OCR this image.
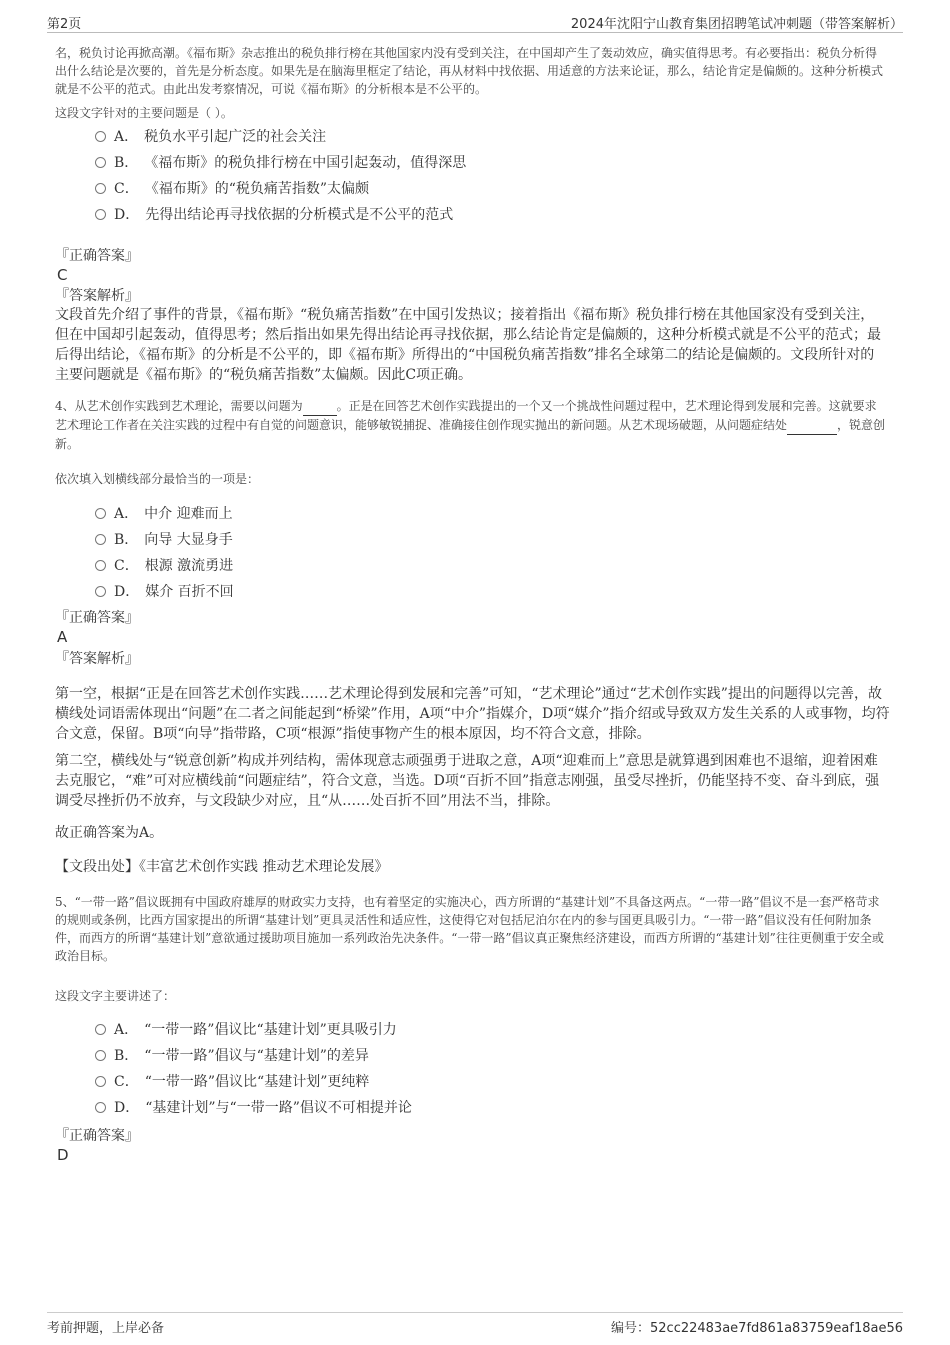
第2页	2024年沈阳宁山教育集团招聘笔试冲刺题（带答案解析）
名，税负讨论再掀高潮。《福布斯》杂志推出的税负排行榜在其他国家内没有受到关注，在中国却产生了轰动效应，确实值得思考。有必要指出：税负分析得出什么结论是次要的，首先是分析态度。如果先是在脑海里框定了结论，再从材料中找依据、用适意的方法来论证，那么，结论肯定是偏颇的。这种分析模式就是不公平的范式。由此出发考察情况，可说《福布斯》的分析根本是不公平的。
这段文字针对的主要问题是（ ）。
A． 税负水平引起广泛的社会关注
B． 《福布斯》的税负排行榜在中国引起轰动，值得深思
C． 《福布斯》的“税负痛苦指数”太偏颇
D． 先得出结论再寻找依据的分析模式是不公平的范式
『正确答案』
C
『答案解析』
文段首先介绍了事件的背景，《福布斯》“税负痛苦指数”在中国引发热议；接着指出《福布斯》税负排行榜在其他国家没有受到关注，但在中国却引起轰动，值得思考；然后指出如果先得出结论再寻找依据，那么结论肯定是偏颇的，这种分析模式就是不公平的范式；最后得出结论，《福布斯》的分析是不公平的，即《福布斯》所得出的“中国税负痛苦指数”排名全球第二的结论是偏颇的。文段所针对的主要问题就是《福布斯》的“税负痛苦指数”太偏颇。因此C项正确。
4、从艺术创作实践到艺术理论，需要以问题为	。正是在回答艺术创作实践提出的一个又一个挑战性问题过程中，艺术理论得到发展和完善。这就要求艺术理论工作者在关注实践的过程中有自觉的问题意识，能够敏锐捕捉、准确接住创作现实抛出的新问题。从艺术现场破题，从问题症结处	，锐意创新。
依次填入划横线部分最恰当的一项是：
A． 中介 迎难而上
B． 向导 大显身手
C． 根源 激流勇进
D． 媒介 百折不回
『正确答案』
A
『答案解析』
第一空，根据“正是在回答艺术创作实践……艺术理论得到发展和完善”可知，“艺术理论”通过“艺术创作实践”提出的问题得以完善，故横线处词语需体现出“问题”在二者之间能起到“桥梁”作用，A项“中介”指媒介，D项“媒介”指介绍或导致双方发生关系的人或事物，均符合文意，保留。B项“向导”指带路，C项“根源”指使事物产生的根本原因，均不符合文意，排除。
第二空，横线处与“锐意创新”构成并列结构，需体现意志顽强勇于进取之意，A项“迎难而上”意思是就算遇到困难也不退缩，迎着困难去克服它，“难”可对应横线前“问题症结”，符合文意，当选。D项“百折不回”指意志刚强，虽受尽挫折，仍能坚持不变、奋斗到底，强调受尽挫折仍不放弃，与文段缺少对应，且“从……处百折不回”用法不当，排除。
故正确答案为A。
【文段出处】《丰富艺术创作实践 推动艺术理论发展》
5、“一带一路”倡议既拥有中国政府雄厚的财政实力支持，也有着坚定的实施决心，西方所谓的“基建计划”不具备这两点。“一带一路”倡议不是一套严格苛求的规则或条例，比西方国家提出的所谓“基建计划”更具灵活性和适应性，这使得它对包括尼泊尔在内的参与国更具吸引力。“一带一路”倡议没有任何附加条件，而西方的所谓“基建计划”意欲通过援助项目施加一系列政治先决条件。“一带一路”倡议真正聚焦经济建设，而西方所谓的“基建计划”往往更侧重于安全或政治目标。
这段文字主要讲述了：
A． “一带一路”倡议比“基建计划”更具吸引力
B． “一带一路”倡议与“基建计划”的差异
C． “一带一路”倡议比“基建计划”更纯粹
D． “基建计划”与“一带一路”倡议不可相提并论
『正确答案』
D
考前押题，上岸必备	编号：52cc22483ae7fd861a83759eaf18ae56
